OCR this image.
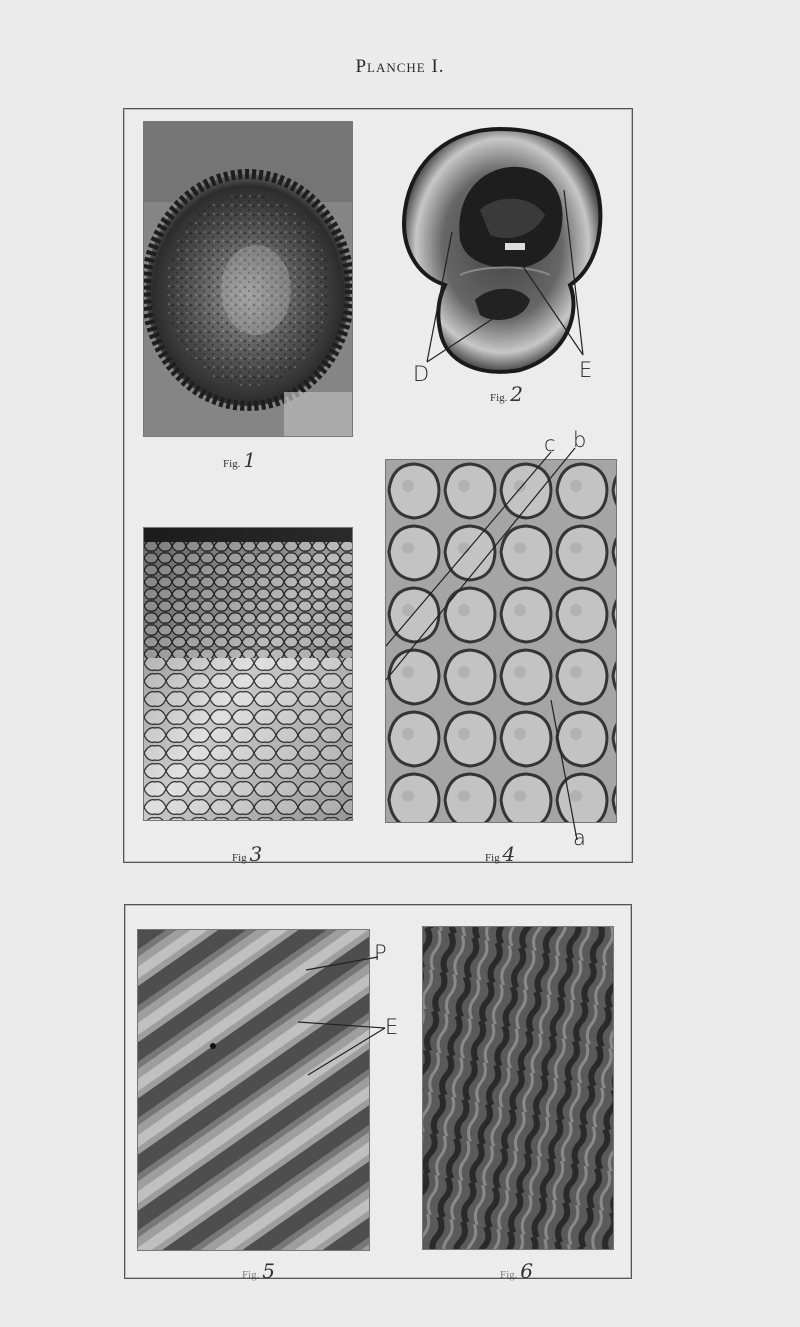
Planche I.
Fig. 1
D	E
Fig. 2
Fig 3
c b
a
Fig 4
P
E
Fig. 5	Fig. 6
